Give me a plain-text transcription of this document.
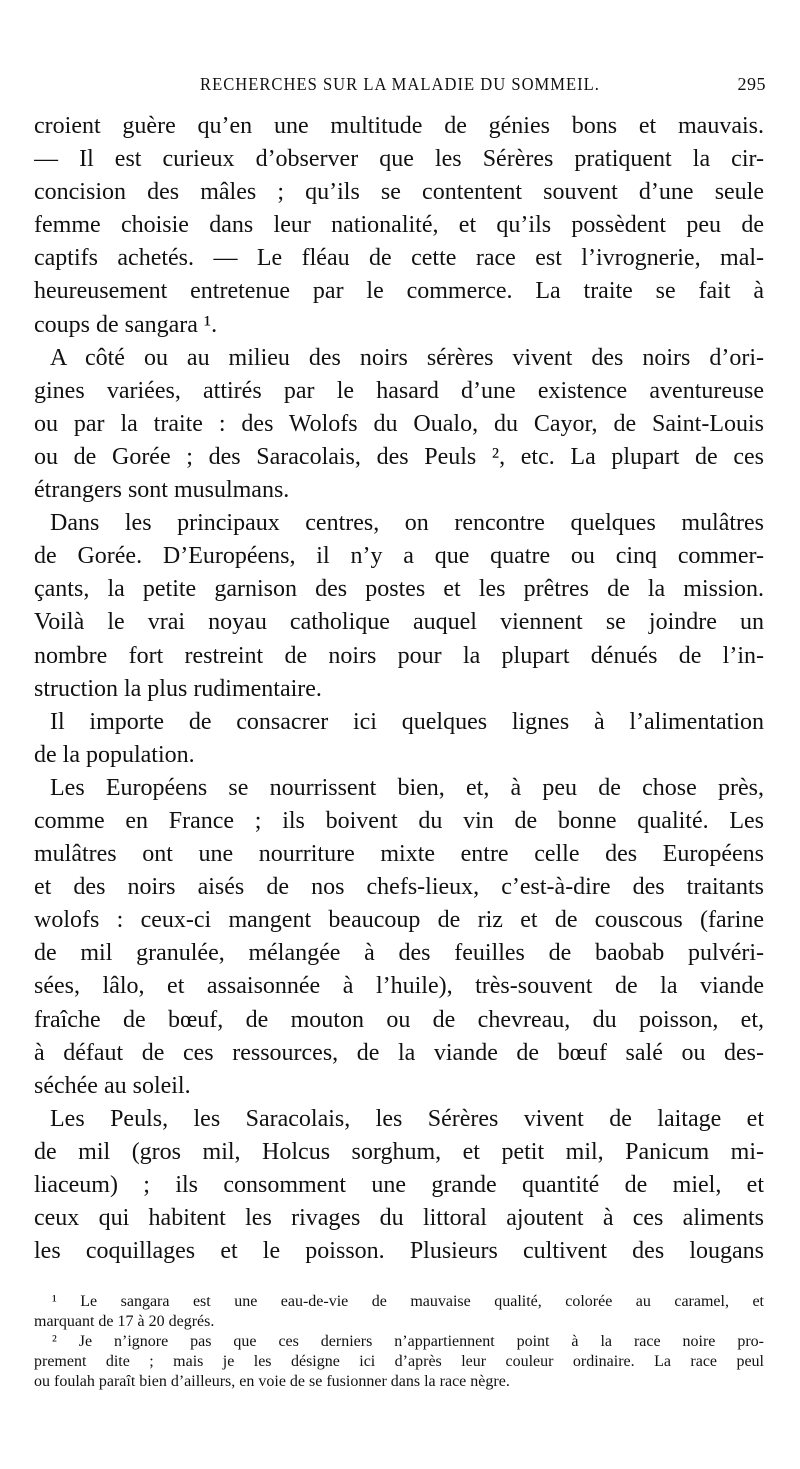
RECHERCHES SUR LA MALADIE DU SOMMEIL.	295
croient guère qu’en une multitude de génies bons et mauvais.
— Il est curieux d’observer que les Sérères pratiquent la cir-
concision des mâles ; qu’ils se contentent souvent d’une seule
femme choisie dans leur nationalité, et qu’ils possèdent peu de
captifs achetés. — Le fléau de cette race est l’ivrognerie, mal-
heureusement entretenue par le commerce. La traite se fait à
coups de sangara ¹.
A côté ou au milieu des noirs sérères vivent des noirs d’ori-
gines variées, attirés par le hasard d’une existence aventureuse
ou par la traite : des Wolofs du Oualo, du Cayor, de Saint-Louis
ou de Gorée ; des Saracolais, des Peuls ², etc. La plupart de ces
étrangers sont musulmans.
Dans les principaux centres, on rencontre quelques mulâtres
de Gorée. D’Européens, il n’y a que quatre ou cinq commer-
çants, la petite garnison des postes et les prêtres de la mission.
Voilà le vrai noyau catholique auquel viennent se joindre un
nombre fort restreint de noirs pour la plupart dénués de l’in-
struction la plus rudimentaire.
Il importe de consacrer ici quelques lignes à l’alimentation
de la population.
Les Européens se nourrissent bien, et, à peu de chose près,
comme en France ; ils boivent du vin de bonne qualité. Les
mulâtres ont une nourriture mixte entre celle des Européens
et des noirs aisés de nos chefs-lieux, c’est-à-dire des traitants
wolofs : ceux-ci mangent beaucoup de riz et de couscous (farine
de mil granulée, mélangée à des feuilles de baobab pulvéri-
sées, lâlo, et assaisonnée à l’huile), très-souvent de la viande
fraîche de bœuf, de mouton ou de chevreau, du poisson, et,
à défaut de ces ressources, de la viande de bœuf salé ou des-
séchée au soleil.
Les Peuls, les Saracolais, les Sérères vivent de laitage et
de mil (gros mil, Holcus sorghum, et petit mil, Panicum mi-
liaceum) ; ils consomment une grande quantité de miel, et
ceux qui habitent les rivages du littoral ajoutent à ces aliments
les coquillages et le poisson. Plusieurs cultivent des lougans
¹ Le sangara est une eau-de-vie de mauvaise qualité, colorée au caramel, et
marquant de 17 à 20 degrés.
² Je n’ignore pas que ces derniers n’appartiennent point à la race noire pro-
prement dite ; mais je les désigne ici d’après leur couleur ordinaire. La race peul
ou foulah paraît bien d’ailleurs, en voie de se fusionner dans la race nègre.
